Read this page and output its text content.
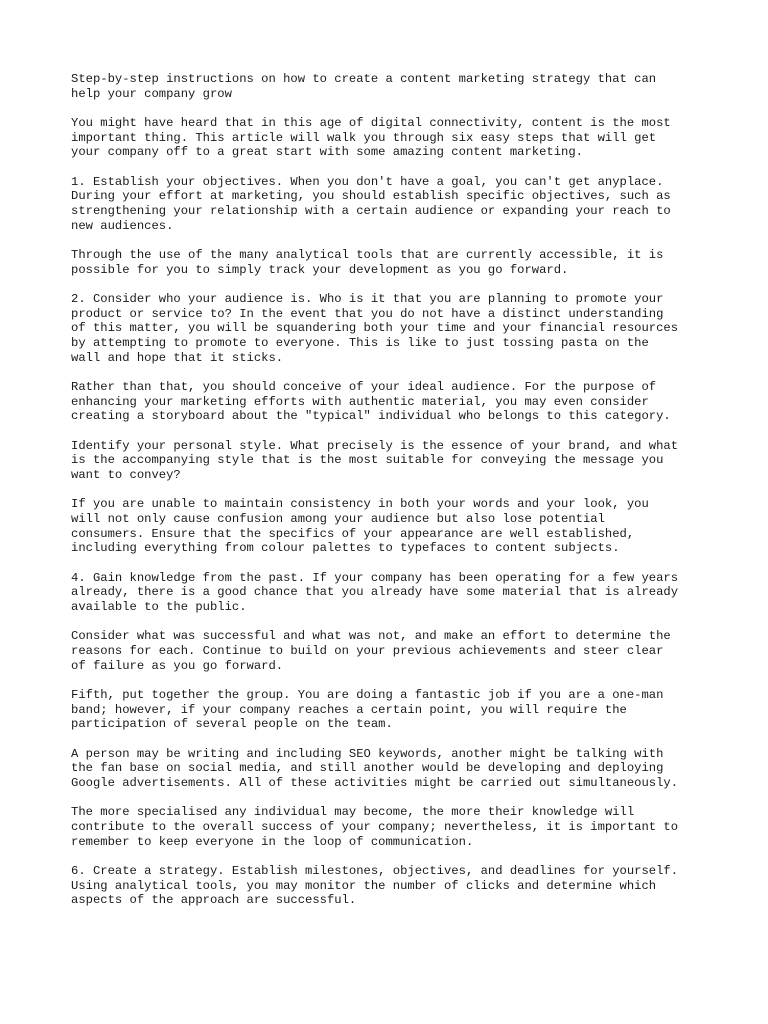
Step-by-step instructions on how to create a content marketing strategy that can
help your company grow
You might have heard that in this age of digital connectivity, content is the most
important thing. This article will walk you through six easy steps that will get
your company off to a great start with some amazing content marketing.
1. Establish your objectives. When you don't have a goal, you can't get anyplace.
During your effort at marketing, you should establish specific objectives, such as
strengthening your relationship with a certain audience or expanding your reach to
new audiences.
Through the use of the many analytical tools that are currently accessible, it is
possible for you to simply track your development as you go forward.
2. Consider who your audience is. Who is it that you are planning to promote your
product or service to? In the event that you do not have a distinct understanding
of this matter, you will be squandering both your time and your financial resources
by attempting to promote to everyone. This is like to just tossing pasta on the
wall and hope that it sticks.
Rather than that, you should conceive of your ideal audience. For the purpose of
enhancing your marketing efforts with authentic material, you may even consider
creating a storyboard about the "typical" individual who belongs to this category.
Identify your personal style. What precisely is the essence of your brand, and what
is the accompanying style that is the most suitable for conveying the message you
want to convey?
If you are unable to maintain consistency in both your words and your look, you
will not only cause confusion among your audience but also lose potential
consumers. Ensure that the specifics of your appearance are well established,
including everything from colour palettes to typefaces to content subjects.
4. Gain knowledge from the past. If your company has been operating for a few years
already, there is a good chance that you already have some material that is already
available to the public.
Consider what was successful and what was not, and make an effort to determine the
reasons for each. Continue to build on your previous achievements and steer clear
of failure as you go forward.
Fifth, put together the group. You are doing a fantastic job if you are a one-man
band; however, if your company reaches a certain point, you will require the
participation of several people on the team.
A person may be writing and including SEO keywords, another might be talking with
the fan base on social media, and still another would be developing and deploying
Google advertisements. All of these activities might be carried out simultaneously.
The more specialised any individual may become, the more their knowledge will
contribute to the overall success of your company; nevertheless, it is important to
remember to keep everyone in the loop of communication.
6. Create a strategy. Establish milestones, objectives, and deadlines for yourself.
Using analytical tools, you may monitor the number of clicks and determine which
aspects of the approach are successful.
